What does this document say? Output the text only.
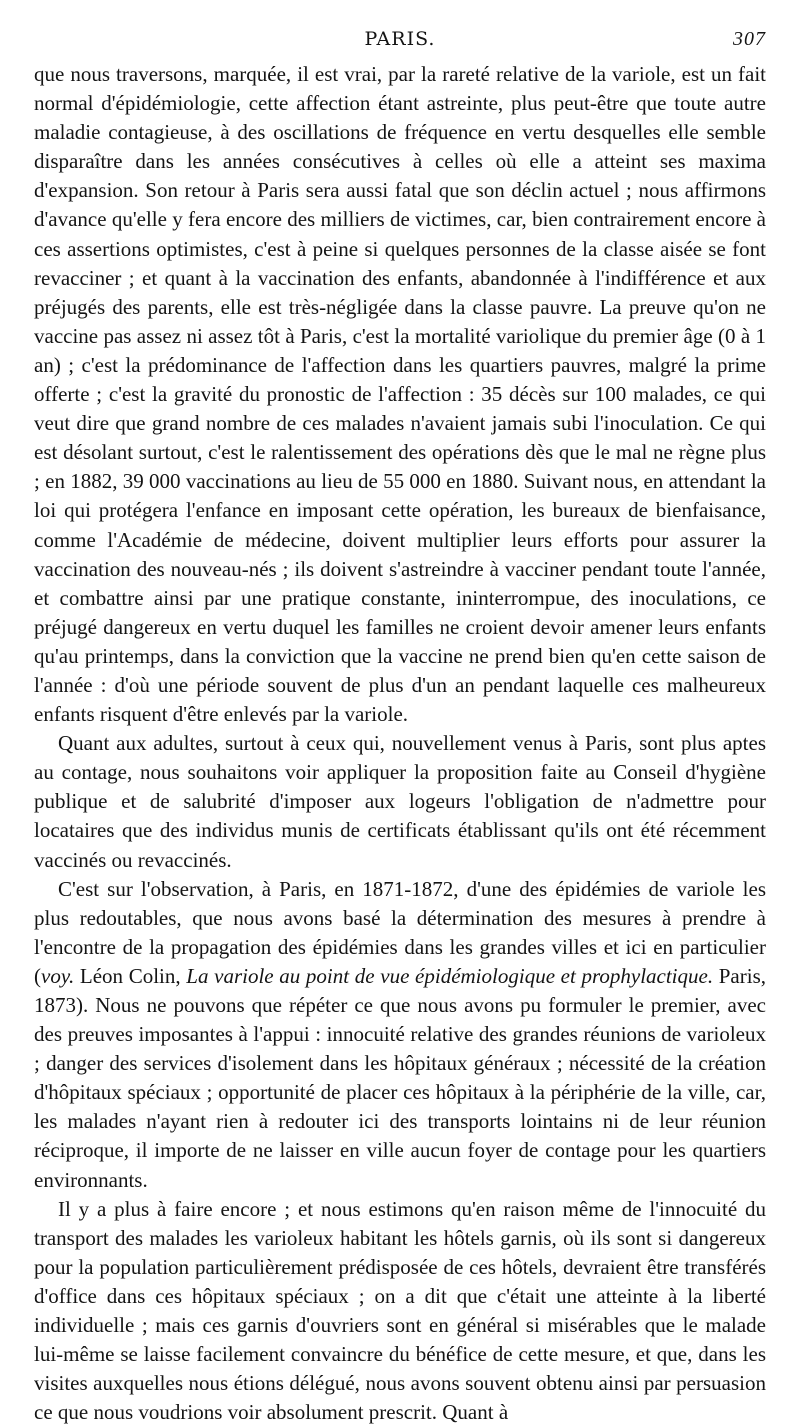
PARIS.	307

que nous traversons, marquée, il est vrai, par la rareté relative de la variole, est un fait normal d'épidémiologie, cette affection étant astreinte, plus peut-être que toute autre maladie contagieuse, à des oscillations de fréquence en vertu desquelles elle semble disparaître dans les années consécutives à celles où elle a atteint ses maxima d'expansion. Son retour à Paris sera aussi fatal que son déclin actuel ; nous affirmons d'avance qu'elle y fera encore des milliers de victimes, car, bien contrairement encore à ces assertions optimistes, c'est à peine si quelques personnes de la classe aisée se font revacciner ; et quant à la vaccination des enfants, abandonnée à l'indifférence et aux préjugés des parents, elle est très-négligée dans la classe pauvre. La preuve qu'on ne vaccine pas assez ni assez tôt à Paris, c'est la mortalité variolique du premier âge (0 à 1 an) ; c'est la prédominance de l'affection dans les quartiers pauvres, malgré la prime offerte ; c'est la gravité du pronostic de l'affection : 35 décès sur 100 malades, ce qui veut dire que grand nombre de ces malades n'avaient jamais subi l'inoculation. Ce qui est désolant surtout, c'est le ralentissement des opérations dès que le mal ne règne plus ; en 1882, 39 000 vaccinations au lieu de 55 000 en 1880. Suivant nous, en attendant la loi qui protégera l'enfance en imposant cette opération, les bureaux de bienfaisance, comme l'Académie de médecine, doivent multiplier leurs efforts pour assurer la vaccination des nouveau-nés ; ils doivent s'astreindre à vacciner pendant toute l'année, et combattre ainsi par une pratique constante, ininterrompue, des inoculations, ce préjugé dangereux en vertu duquel les familles ne croient devoir amener leurs enfants qu'au printemps, dans la conviction que la vaccine ne prend bien qu'en cette saison de l'année : d'où une période souvent de plus d'un an pendant laquelle ces malheureux enfants risquent d'être enlevés par la variole.

Quant aux adultes, surtout à ceux qui, nouvellement venus à Paris, sont plus aptes au contage, nous souhaitons voir appliquer la proposition faite au Conseil d'hygiène publique et de salubrité d'imposer aux logeurs l'obligation de n'admettre pour locataires que des individus munis de certificats établissant qu'ils ont été récemment vaccinés ou revaccinés.

C'est sur l'observation, à Paris, en 1871-1872, d'une des épidémies de variole les plus redoutables, que nous avons basé la détermination des mesures à prendre à l'encontre de la propagation des épidémies dans les grandes villes et ici en particulier (voy. Léon Colin, La variole au point de vue épidémiologique et prophylactique. Paris, 1873). Nous ne pouvons que répéter ce que nous avons pu formuler le premier, avec des preuves imposantes à l'appui : innocuité relative des grandes réunions de varioleux ; danger des services d'isolement dans les hôpitaux généraux ; nécessité de la création d'hôpitaux spéciaux ; opportunité de placer ces hôpitaux à la périphérie de la ville, car, les malades n'ayant rien à redouter ici des transports lointains ni de leur réunion réciproque, il importe de ne laisser en ville aucun foyer de contage pour les quartiers environnants.

Il y a plus à faire encore ; et nous estimons qu'en raison même de l'innocuité du transport des malades les varioleux habitant les hôtels garnis, où ils sont si dangereux pour la population particulièrement prédisposée de ces hôtels, devraient être transférés d'office dans ces hôpitaux spéciaux ; on a dit que c'était une atteinte à la liberté individuelle ; mais ces garnis d'ouvriers sont en général si misérables que le malade lui-même se laisse facilement convaincre du bénéfice de cette mesure, et que, dans les visites auxquelles nous étions délégué, nous avons souvent obtenu ainsi par persuasion ce que nous voudrions voir absolument prescrit. Quant à
